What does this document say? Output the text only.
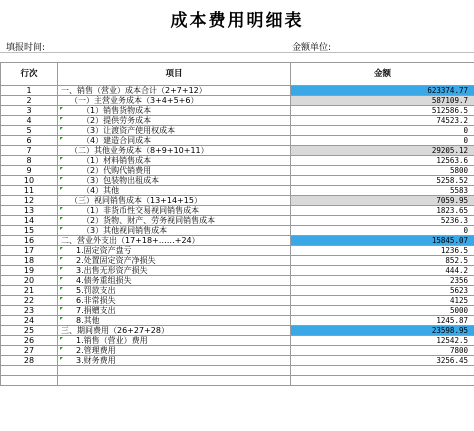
成本费用明细表
填报时间:	金额单位:
行次	项目	金额
1	一、销售（营业）成本合计（2+7+12）	623374.77
2	（一）主营业务成本（3+4+5+6）	587109.7
3	（1）销售货物成本	512586.5
4	（2）提供劳务成本	74523.2
5	（3）让渡资产使用权成本	0
6	（4）建造合同成本	0
7	（二）其他业务成本（8+9+10+11）	29205.12
8	（1）材料销售成本	12563.6
9	（2）代购代销费用	5800
10	（3）包装物出租成本	5258.52
11	（4）其他	5583
12	（三）视同销售成本（13+14+15）	7059.95
13	（1）非货币性交易视同销售成本	1823.65
14	（2）货物、财产、劳务视同销售成本	5236.3
15	（3）其他视同销售成本	0
16	二、营业外支出（17+18+……+24）	15845.07
17	1.固定资产盘亏	1236.5
18	2.处置固定资产净损失	852.5
19	3.出售无形资产损失	444.2
20	4.债务重组损失	2356
21	5.罚款支出	5623
22	6.非常损失	4125
23	7.捐赠支出	5000
24	8.其他	1245.87
25	三、期间费用（26+27+28）	23598.95
26	1.销售（营业）费用	12542.5
27	2.管理费用	7800
28	3.财务费用	3256.45
